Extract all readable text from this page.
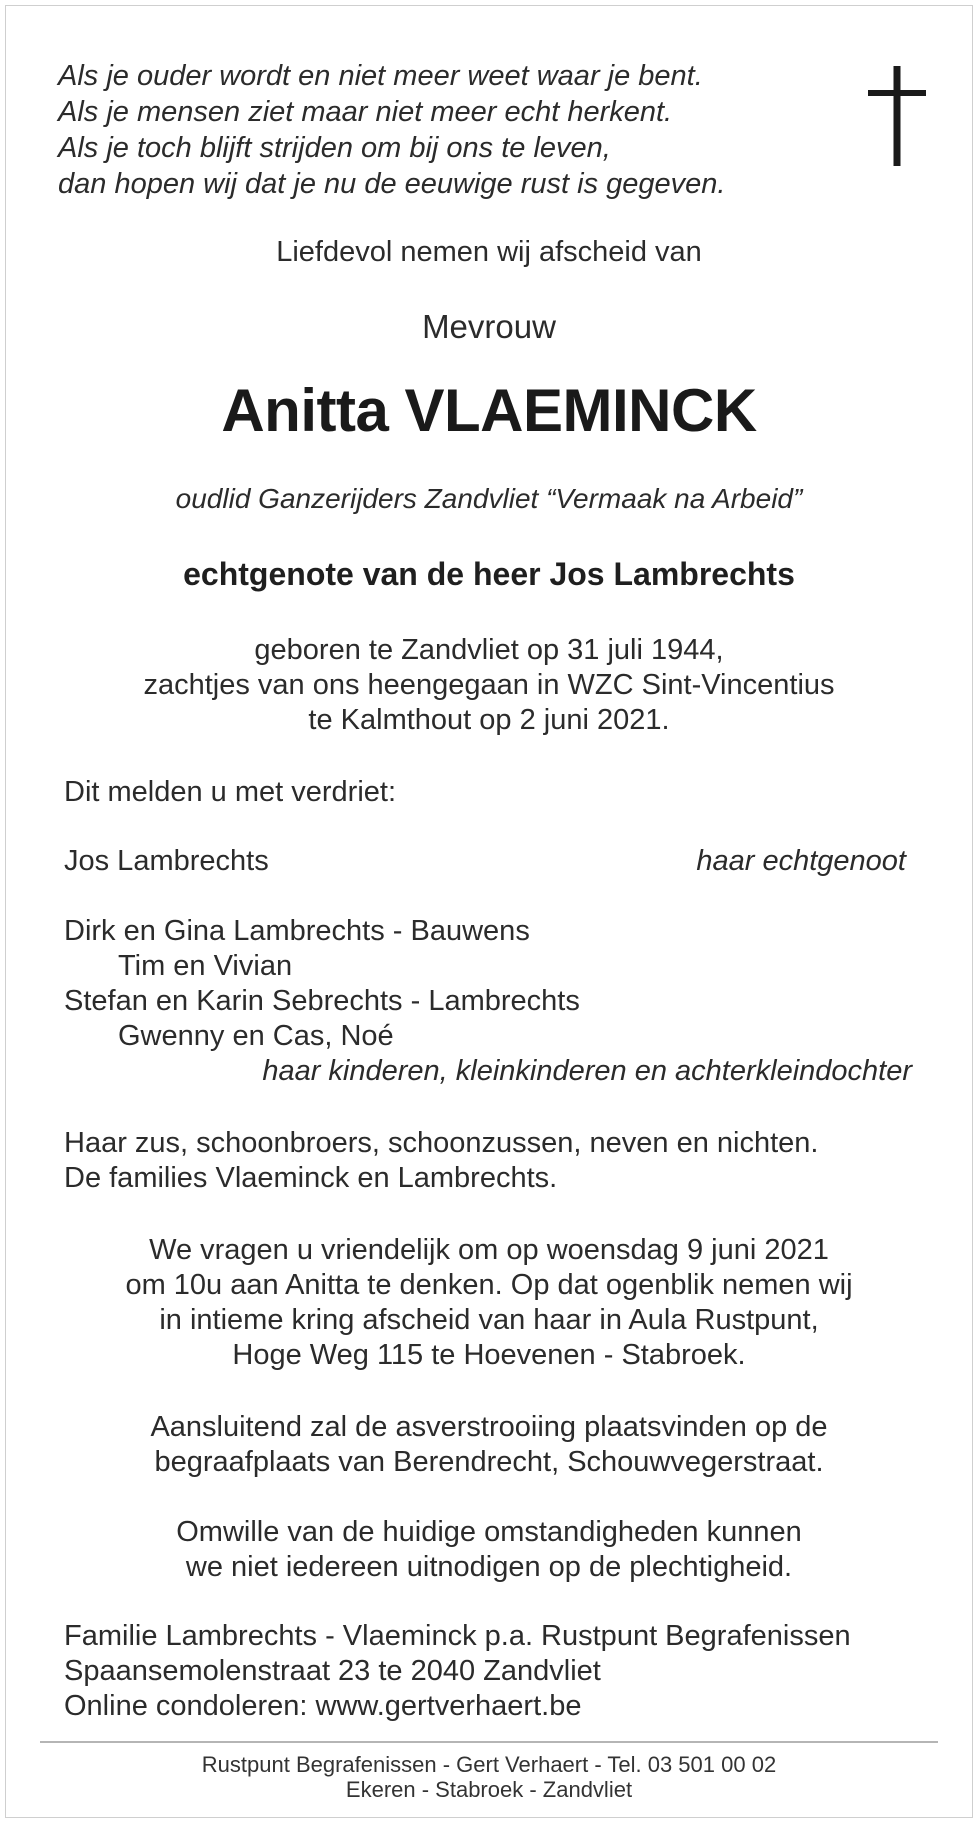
Als je ouder wordt en niet meer weet waar je bent.
Als je mensen ziet maar niet meer echt herkent.
Als je toch blijft strijden om bij ons te leven,
dan hopen wij dat je nu de eeuwige rust is gegeven.
Liefdevol nemen wij afscheid van
Mevrouw
Anitta VLAEMINCK
oudlid Ganzerijders Zandvliet “Vermaak na Arbeid”
echtgenote van de heer Jos Lambrechts
geboren te Zandvliet op 31 juli 1944,
zachtjes van ons heengegaan in WZC Sint-Vincentius
te Kalmthout op 2 juni 2021.
Dit melden u met verdriet:
Jos Lambrechts	haar echtgenoot
Dirk en Gina Lambrechts - Bauwens
Tim en Vivian
Stefan en Karin Sebrechts - Lambrechts
Gwenny en Cas, Noé
haar kinderen, kleinkinderen en achterkleindochter
Haar zus, schoonbroers, schoonzussen, neven en nichten.
De families Vlaeminck en Lambrechts.
We vragen u vriendelijk om op woensdag 9 juni 2021
om 10u aan Anitta te denken. Op dat ogenblik nemen wij
in intieme kring afscheid van haar in Aula Rustpunt,
Hoge Weg 115 te Hoevenen - Stabroek.
Aansluitend zal de asverstrooiing plaatsvinden op de
begraafplaats van Berendrecht, Schouwvegerstraat.
Omwille van de huidige omstandigheden kunnen
we niet iedereen uitnodigen op de plechtigheid.
Familie Lambrechts - Vlaeminck p.a. Rustpunt Begrafenissen
Spaansemolenstraat 23 te 2040 Zandvliet
Online condoleren: www.gertverhaert.be
Rustpunt Begrafenissen - Gert Verhaert - Tel. 03 501 00 02
Ekeren - Stabroek - Zandvliet
